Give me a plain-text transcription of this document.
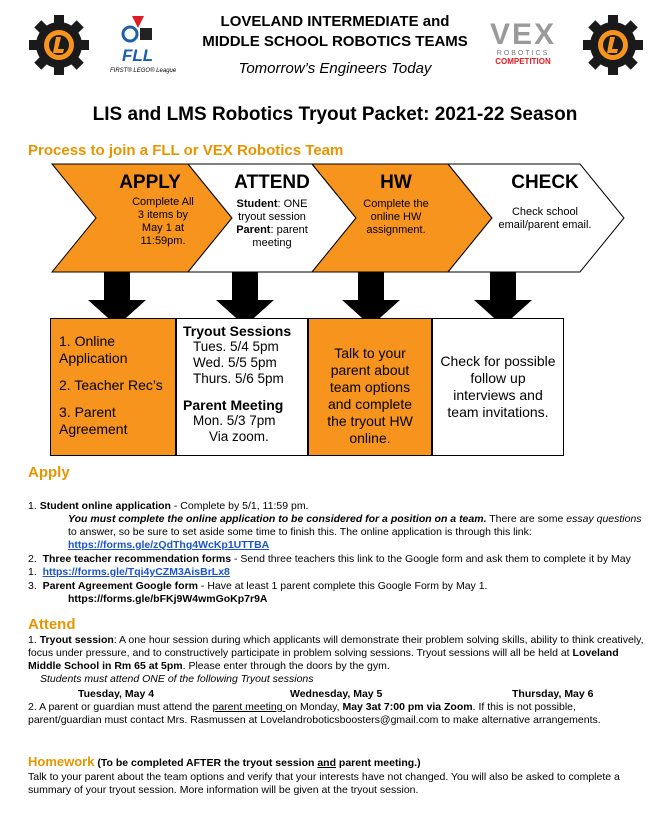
FLL
FIRST® LEGO® League
LOVELAND INTERMEDIATE and
MIDDLE SCHOOL ROBOTICS TEAMS
Tomorrow’s Engineers Today
VEX
ROBOTICS
COMPETITION
LIS and LMS Robotics Tryout Packet: 2021-22 Season
Process to join a FLL or VEX Robotics Team
APPLY
Complete All 3 items by May 1 at 11:59pm.
ATTEND
Student: ONE tryout session
Parent: parent meeting
HW
Complete the online HW assignment.
CHECK
Check school email/parent email.
1. Online Application
2. Teacher Rec’s
3. Parent Agreement
Tryout Sessions
Tues. 5/4 5pm
Wed. 5/5 5pm
Thurs. 5/6 5pm
Parent Meeting
Mon. 5/3 7pm
Via zoom.
Talk to your parent about team options and complete the tryout HW online.
Check for possible follow up interviews and team invitations.
Apply
1. Student online application - Complete by 5/1, 11:59 pm.
You must complete the online application to be considered for a position on a team. There are some essay questions to answer, so be sure to set aside some time to finish this. The online application is through this link:
https://forms.gle/zQdThg4WcKp1UTTBA
2. Three teacher recommendation forms - Send three teachers this link to the Google form and ask them to complete it by May 1. https://forms.gle/Tqi4yCZM3AisBrLx8
3. Parent Agreement Google form - Have at least 1 parent complete this Google Form by May 1.
https://forms.gle/bFKj9W4wmGoKp7r9A
Attend
1. Tryout session: A one hour session during which applicants will demonstrate their problem solving skills, ability to think creatively, focus under pressure, and to constructively participate in problem solving sessions. Tryout sessions will all be held at Loveland Middle School in Rm 65 at 5pm. Please enter through the doors by the gym.
Students must attend ONE of the following Tryout sessions
Tuesday, May 4	Wednesday, May 5	Thursday, May 6
2. A parent or guardian must attend the parent meeting on Monday, May 3at 7:00 pm via Zoom. If this is not possible, parent/guardian must contact Mrs. Rasmussen at Lovelandroboticsboosters@gmail.com to make alternative arrangements.
Homework (To be completed AFTER the tryout session and parent meeting.)
Talk to your parent about the team options and verify that your interests have not changed. You will also be asked to complete a summary of your tryout session. More information will be given at the tryout session.
